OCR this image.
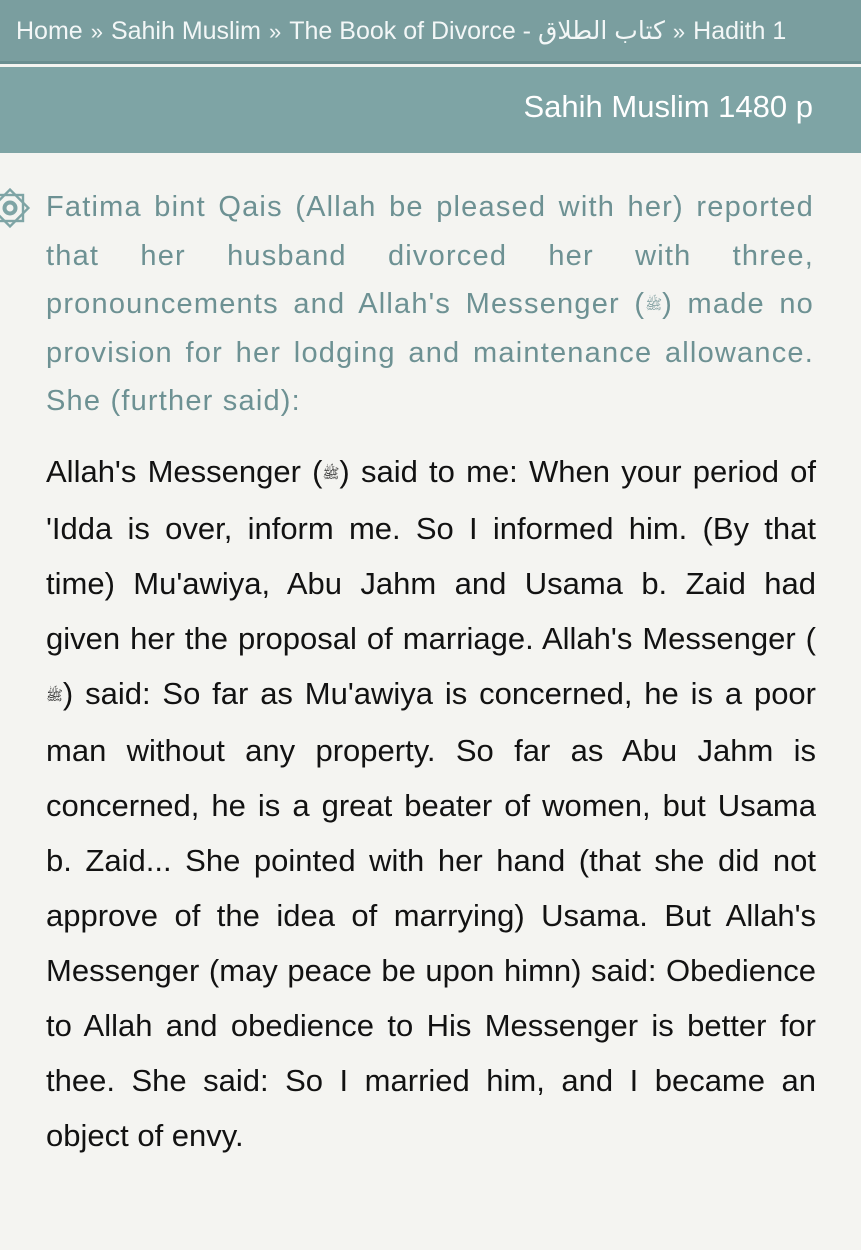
Home » Sahih Muslim » The Book of Divorce - كتاب الطلاق » Hadith 1
Sahih Muslim 1480 p
Fatima bint Qais (Allah be pleased with her) reported that her husband divorced her with three, pronouncements and Allah's Messenger (ﷺ) made no provision for her lodging and maintenance allowance. She (further said):
Allah's Messenger (ﷺ) said to me: When your period of 'Idda is over, inform me. So I informed him. (By that time) Mu'awiya, Abu Jahm and Usama b. Zaid had given her the proposal of marriage. Allah's Messenger (ﷺ) said: So far as Mu'awiya is concerned, he is a poor man without any property. So far as Abu Jahm is concerned, he is a great beater of women, but Usama b. Zaid... She pointed with her hand (that she did not approve of the idea of marrying) Usama. But Allah's Messenger (may peace be upon himn) said: Obedience to Allah and obedience to His Messenger is better for thee. She said: So I married him, and I became an object of envy.
